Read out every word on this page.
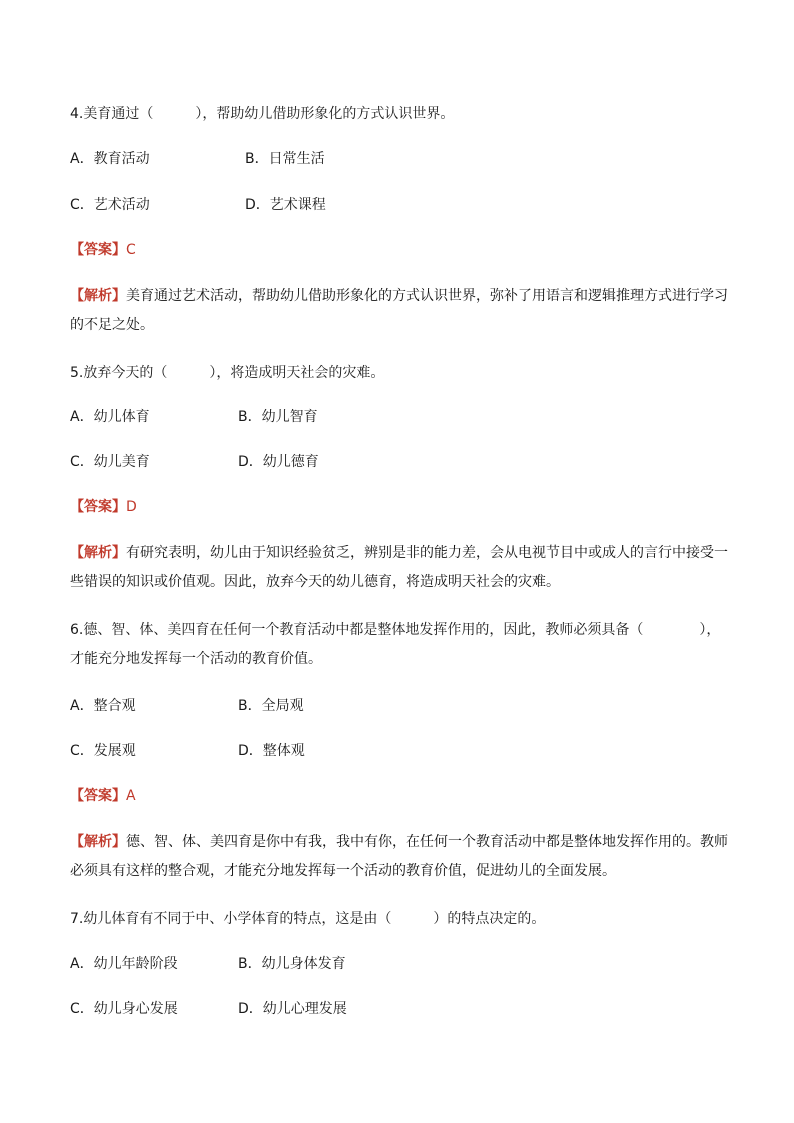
4.美育通过（　　　），帮助幼儿借助形象化的方式认识世界。
A．教育活动	B．日常生活
C．艺术活动	D．艺术课程
【答案】C
【解析】美育通过艺术活动，帮助幼儿借助形象化的方式认识世界，弥补了用语言和逻辑推理方式进行学习的不足之处。
5.放弃今天的（　　　），将造成明天社会的灾难。
A．幼儿体育	B．幼儿智育
C．幼儿美育	D．幼儿德育
【答案】D
【解析】有研究表明，幼儿由于知识经验贫乏，辨别是非的能力差，会从电视节目中或成人的言行中接受一些错误的知识或价值观。因此，放弃今天的幼儿德育，将造成明天社会的灾难。
6.德、智、体、美四育在任何一个教育活动中都是整体地发挥作用的，因此，教师必须具备（　　　　），才能充分地发挥每一个活动的教育价值。
A．整合观	B．全局观
C．发展观	D．整体观
【答案】A
【解析】德、智、体、美四育是你中有我，我中有你，在任何一个教育活动中都是整体地发挥作用的。教师必须具有这样的整合观，才能充分地发挥每一个活动的教育价值，促进幼儿的全面发展。
7.幼儿体育有不同于中、小学体育的特点，这是由（　　　）的特点决定的。
A．幼儿年龄阶段	B．幼儿身体发育
C．幼儿身心发展	D．幼儿心理发展
